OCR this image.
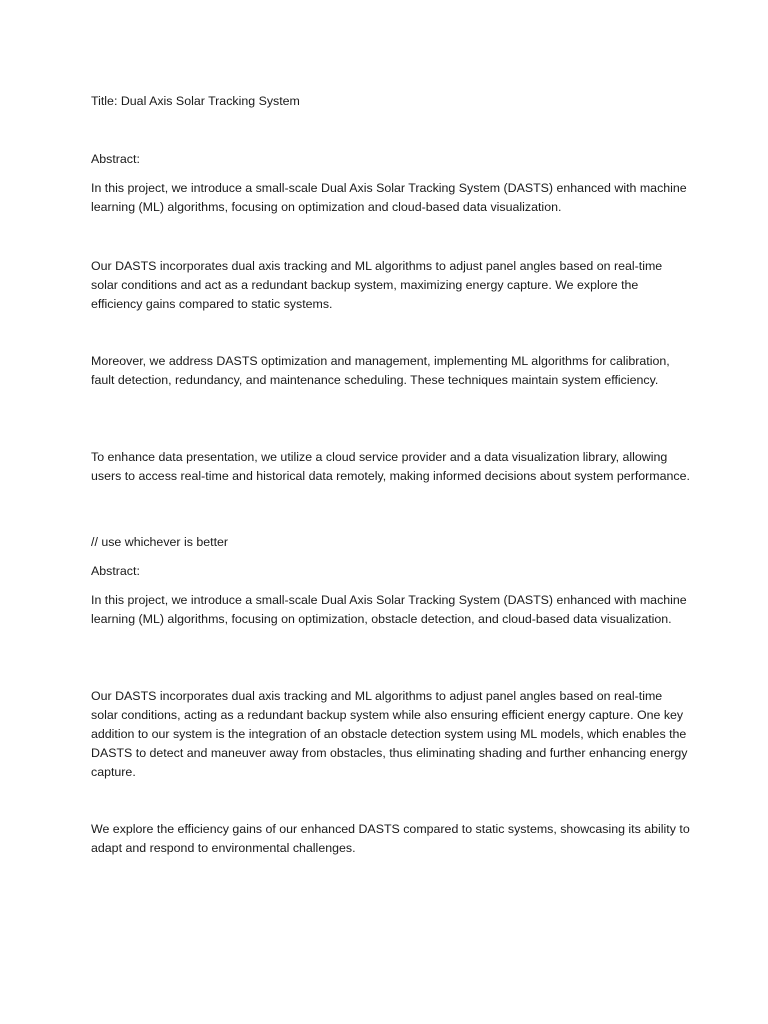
Title: Dual Axis Solar Tracking System

Abstract:

In this project, we introduce a small-scale Dual Axis Solar Tracking System (DASTS) enhanced with machine learning (ML) algorithms, focusing on optimization and cloud-based data visualization.

Our DASTS incorporates dual axis tracking and ML algorithms to adjust panel angles based on real-time solar conditions and act as a redundant backup system, maximizing energy capture. We explore the efficiency gains compared to static systems.

Moreover, we address DASTS optimization and management, implementing ML algorithms for calibration, fault detection, redundancy, and maintenance scheduling. These techniques maintain system efficiency.

To enhance data presentation, we utilize a cloud service provider and a data visualization library, allowing users to access real-time and historical data remotely, making informed decisions about system performance.

// use whichever is better

Abstract:

In this project, we introduce a small-scale Dual Axis Solar Tracking System (DASTS) enhanced with machine learning (ML) algorithms, focusing on optimization, obstacle detection, and cloud-based data visualization.

Our DASTS incorporates dual axis tracking and ML algorithms to adjust panel angles based on real-time solar conditions, acting as a redundant backup system while also ensuring efficient energy capture. One key addition to our system is the integration of an obstacle detection system using ML models, which enables the DASTS to detect and maneuver away from obstacles, thus eliminating shading and further enhancing energy capture.

We explore the efficiency gains of our enhanced DASTS compared to static systems, showcasing its ability to adapt and respond to environmental challenges.
